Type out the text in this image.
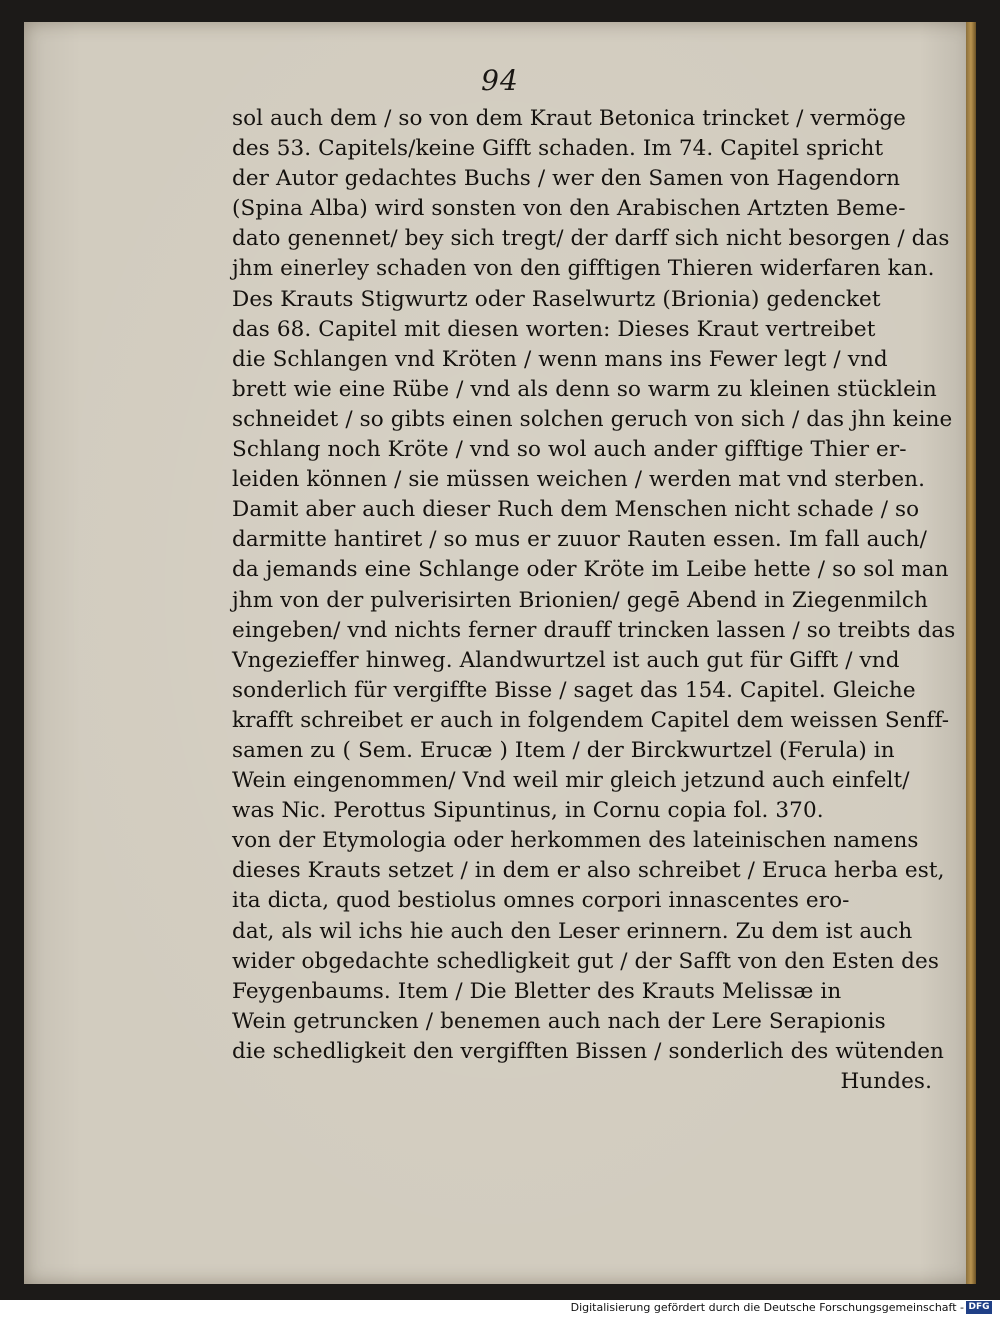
94
sol auch dem / so von dem Kraut Betonica trincket / vermöge
des 53. Capitels/keine Gifft schaden. Im 74. Capitel spricht
der Autor gedachtes Buchs / wer den Samen von Hagendorn
(Spina Alba) wird sonsten von den Arabischen Artzten Beme-
dato genennet/ bey sich tregt/ der darff sich nicht besorgen / das
jhm einerley schaden von den gifftigen Thieren widerfaren kan.
Des Krauts Stigwurtz oder Raselwurtz (Brionia) gedencket
das 68. Capitel mit diesen worten: Dieses Kraut vertreibet
die Schlangen vnd Kröten / wenn mans ins Fewer legt / vnd
brett wie eine Rübe / vnd als denn so warm zu kleinen stücklein
schneidet / so gibts einen solchen geruch von sich / das jhn keine
Schlang noch Kröte / vnd so wol auch ander gifftige Thier er-
leiden können / sie müssen weichen / werden mat vnd sterben.
Damit aber auch dieser Ruch dem Menschen nicht schade / so
darmitte hantiret / so mus er zuuor Rauten essen. Im fall auch/
da jemands eine Schlange oder Kröte im Leibe hette / so sol man
jhm von der pulverisirten Brionien/ gegē Abend in Ziegenmilch
eingeben/ vnd nichts ferner drauff trincken lassen / so treibts das
Vngezieffer hinweg. Alandwurtzel ist auch gut für Gifft / vnd
sonderlich für vergiffte Bisse / saget das 154. Capitel. Gleiche
krafft schreibet er auch in folgendem Capitel dem weissen Senff-
samen zu ( Sem. Erucæ ) Item / der Birckwurtzel (Ferula) in
Wein eingenommen/ Vnd weil mir gleich jetzund auch einfelt/
was Nic. Perottus Sipuntinus, in Cornu copia fol. 370.
von der Etymologia oder herkommen des lateinischen namens
dieses Krauts setzet / in dem er also schreibet / Eruca herba est,
ita dicta, quod bestiolus omnes corpori innascentes ero-
dat, als wil ichs hie auch den Leser erinnern. Zu dem ist auch
wider obgedachte schedligkeit gut / der Safft von den Esten des
Feygenbaums. Item / Die Bletter des Krauts Melissæ in
Wein getruncken / benemen auch nach der Lere Serapionis
die schedligkeit den vergifften Bissen / sonderlich des wütenden
Hundes.
Digitalisierung gefördert durch die Deutsche Forschungsgemeinschaft - DFG
